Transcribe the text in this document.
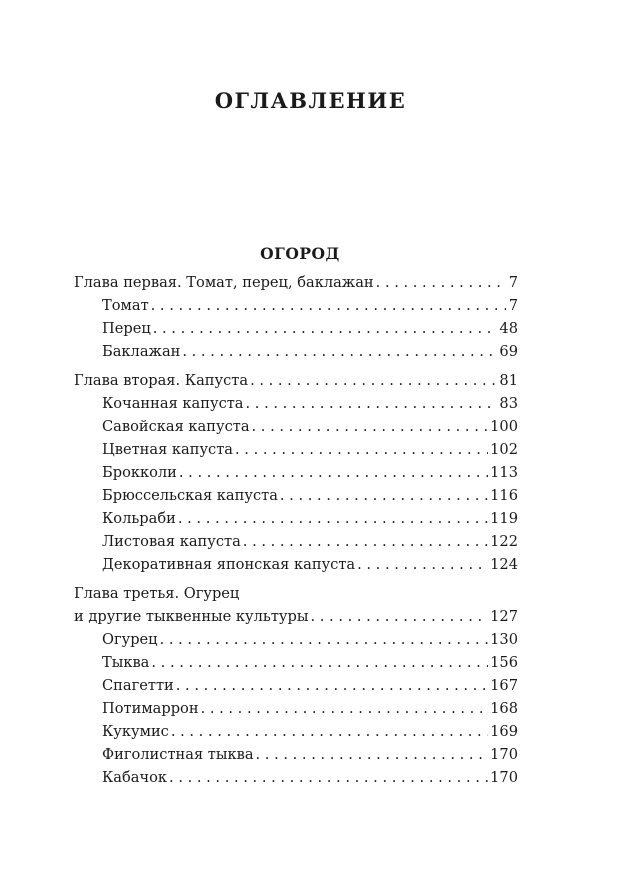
ОГЛАВЛЕНИЕ
ОГОРОД
Глава первая. Томат, перец, баклажан . . .	7
Томат . . .	7
Перец . . .	48
Баклажан . . .	69
Глава вторая. Капуста . . .	81
Кочанная капуста . . .	83
Савойская капуста . . .	100
Цветная капуста . . .	102
Брокколи . . .	113
Брюссельская капуста . . .	116
Кольраби . . .	119
Листовая капуста . . .	122
Декоративная японская капуста . . .	124
Глава третья. Огурец
и другие тыквенные культуры . . .	127
Огурец . . .	130
Тыква . . .	156
Спагетти . . .	167
Потимаррон . . .	168
Кукумис . . .	169
Фиголистная тыква . . .	170
Кабачок . . .	170
